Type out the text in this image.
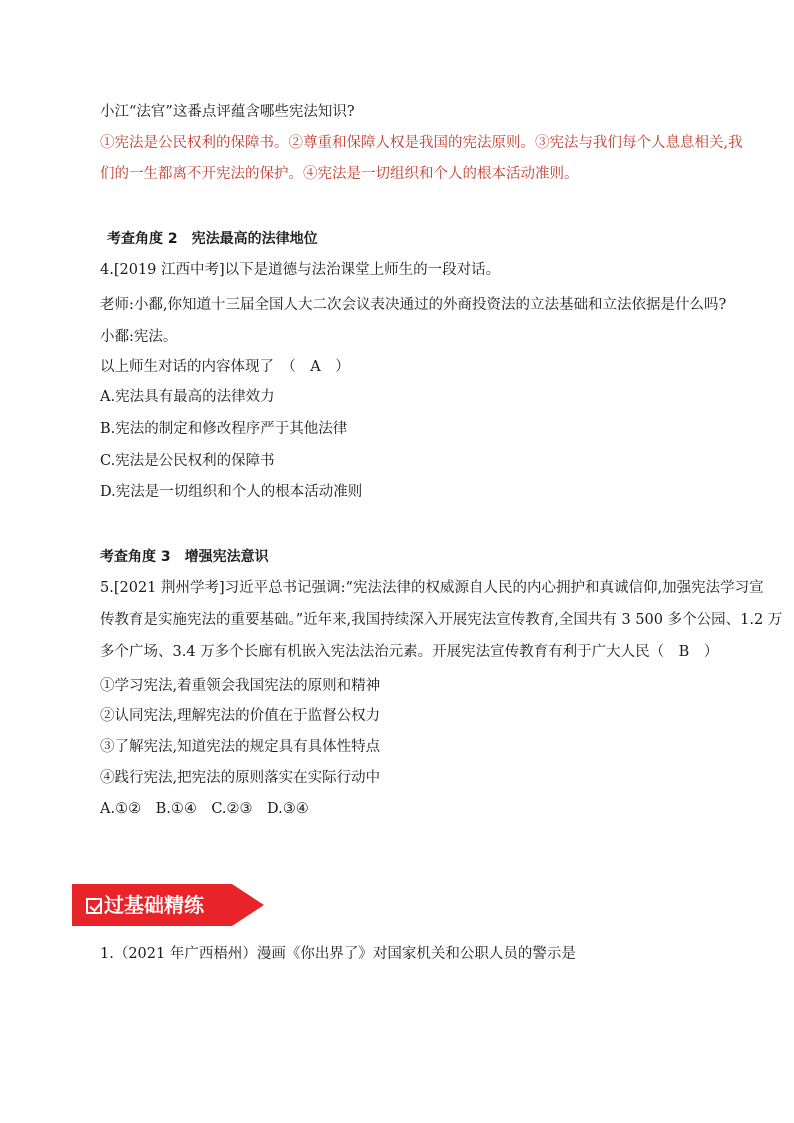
小江“法官”这番点评蕴含哪些宪法知识?
①宪法是公民权利的保障书。②尊重和保障人权是我国的宪法原则。③宪法与我们每个人息息相关,我
们的一生都离不开宪法的保护。④宪法是一切组织和个人的根本活动准则。
考查角度 2　宪法最高的法律地位
4.[2019 江西中考]以下是道德与法治课堂上师生的一段对话。
老师:小鄱,你知道十三届全国人大二次会议表决通过的外商投资法的立法基础和立法依据是什么吗?
小鄱:宪法。
以上师生对话的内容体现了　（　A　）
A.宪法具有最高的法律效力
B.宪法的制定和修改程序严于其他法律
C.宪法是公民权利的保障书
D.宪法是一切组织和个人的根本活动准则
考查角度 3　增强宪法意识
5.[2021 荆州学考]习近平总书记强调:“宪法法律的权威源自人民的内心拥护和真诚信仰,加强宪法学习宣
传教育是实施宪法的重要基础。”近年来,我国持续深入开展宪法宣传教育,全国共有 3 500 多个公园、1.2 万
多个广场、3.4 万多个长廊有机嵌入宪法法治元素。开展宪法宣传教育有利于广大人民（　B　）
①学习宪法,着重领会我国宪法的原则和精神
②认同宪法,理解宪法的价值在于监督公权力
③了解宪法,知道宪法的规定具有具体性特点
④践行宪法,把宪法的原则落实在实际行动中
A.①②　B.①④　C.②③　D.③④
过基础精练
1.（2021 年广西梧州）漫画《你出界了》对国家机关和公职人员的警示是
